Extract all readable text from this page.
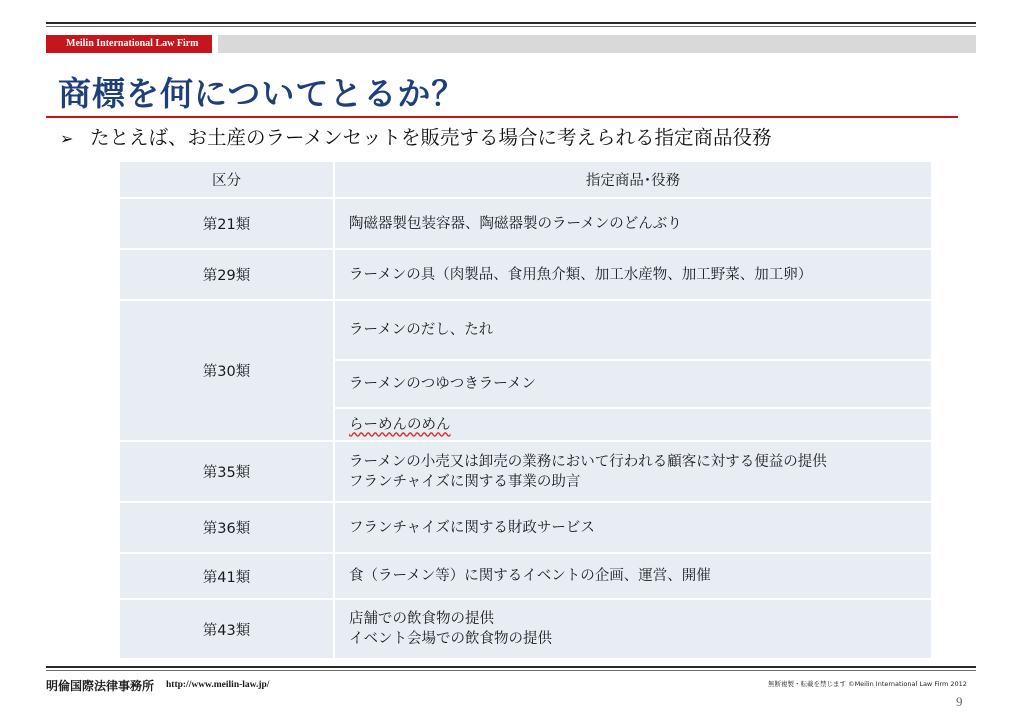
Meilin International Law Firm
商標を何についてとるか？
➢ たとえば、お土産のラーメンセットを販売する場合に考えられる指定商品役務
区分	指定商品･役務
第21類	陶磁器製包装容器、陶磁器製のラーメンのどんぶり
第29類	ラーメンの具（肉製品、食用魚介類、加工水産物、加工野菜、加工卵）
第30類	ラーメンのだし、たれ
	ラーメンのつゆつきラーメン
	らーめんのめん
第35類	ラーメンの小売又は卸売の業務において行われる顧客に対する便益の提供
フランチャイズに関する事業の助言

第36類	フランチャイズに関する財政サービス
第41類	食（ラーメン等）に関するイベントの企画、運営、開催
第43類	店舗での飲食物の提供
イベント会場での飲食物の提供
明倫国際法律事務所 http://www.meilin-law.jp/	無断複製・転載を禁じます ©Meilin International Law Firm 2012
9
